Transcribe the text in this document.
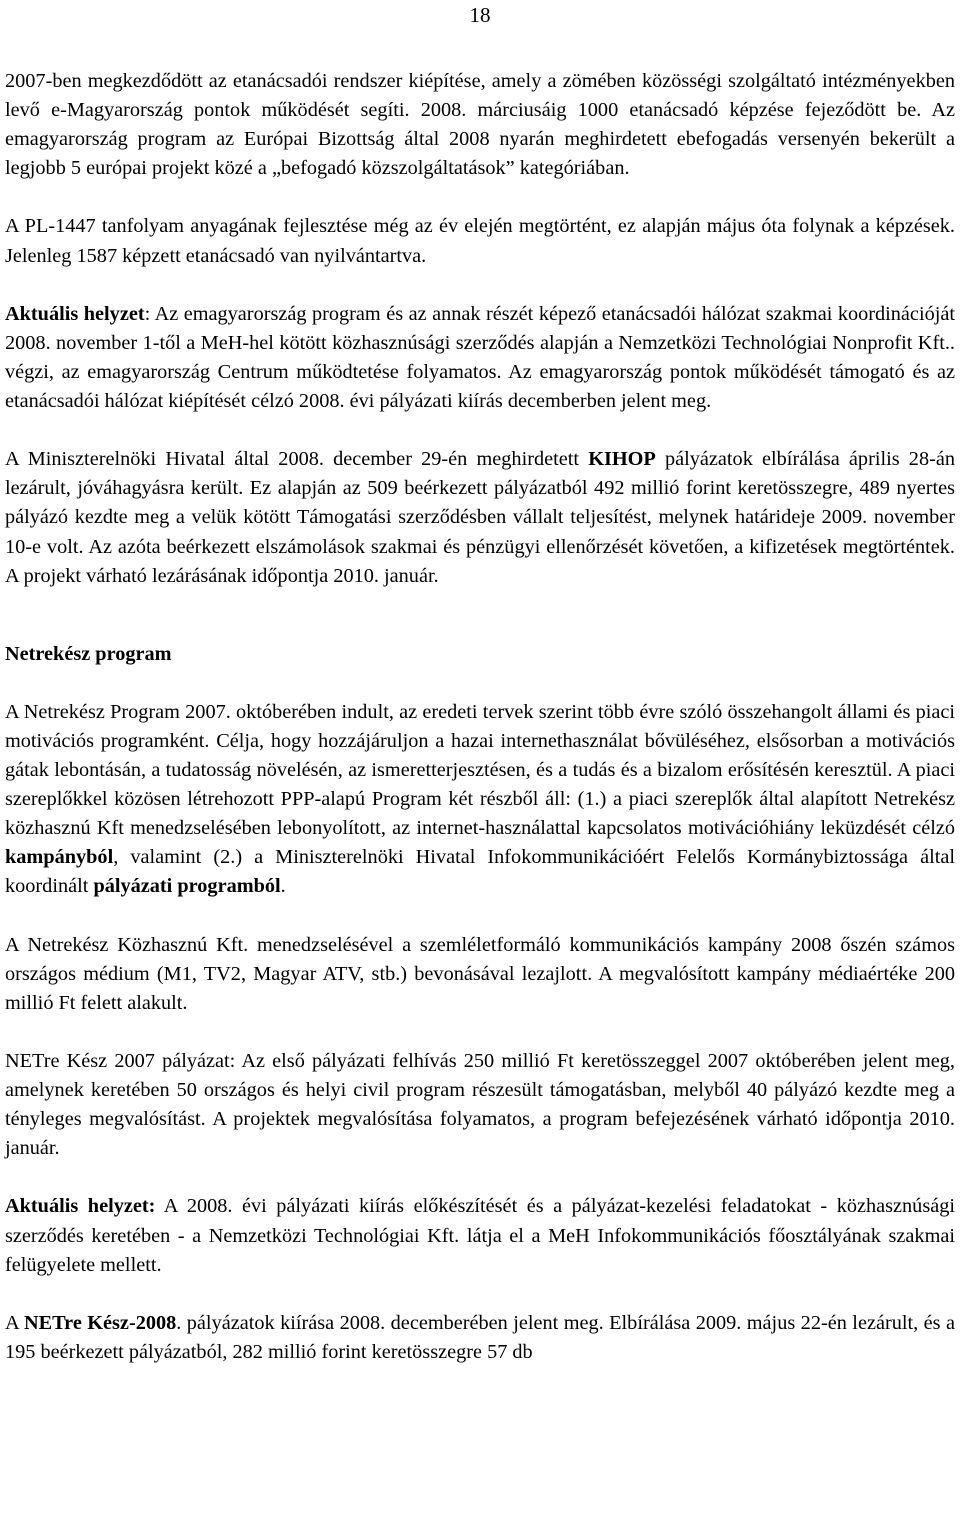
18

2007-ben megkezdődött az etanácsadói rendszer kiépítése, amely a zömében közösségi szolgáltató intézményekben levő e-Magyarország pontok működését segíti. 2008. márciusáig 1000 etanácsadó képzése fejeződött be. Az emagyarország program az Európai Bizottság által 2008 nyarán meghirdetett ebefogadás versenyén bekerült a legjobb 5 európai projekt közé a „befogadó közszolgáltatások” kategóriában.

A PL-1447 tanfolyam anyagának fejlesztése még az év elején megtörtént, ez alapján május óta folynak a képzések. Jelenleg 1587 képzett etanácsadó van nyilvántartva.

Aktuális helyzet: Az emagyarország program és az annak részét képező etanácsadói hálózat szakmai koordinációját 2008. november 1-től a MeH-hel kötött közhasznúsági szerződés alapján a Nemzetközi Technológiai Nonprofit Kft.. végzi, az emagyarország Centrum működtetése folyamatos. Az emagyarország pontok működését támogató és az etanácsadói hálózat kiépítését célzó 2008. évi pályázati kiírás decemberben jelent meg.

A Miniszterelnöki Hivatal által 2008. december 29-én meghirdetett KIHOP pályázatok elbírálása április 28-án lezárult, jóváhagyásra került. Ez alapján az 509 beérkezett pályázatból 492 millió forint keretösszegre, 489 nyertes pályázó kezdte meg a velük kötött Támogatási szerződésben vállalt teljesítést, melynek határideje 2009. november 10-e volt. Az azóta beérkezett elszámolások szakmai és pénzügyi ellenőrzését követően, a kifizetések megtörténtek. A projekt várható lezárásának időpontja 2010. január.

Netrekész program

A Netrekész Program 2007. októberében indult, az eredeti tervek szerint több évre szóló összehangolt állami és piaci motivációs programként. Célja, hogy hozzájáruljon a hazai internethasználat bővüléséhez, elsősorban a motivációs gátak lebontásán, a tudatosság növelésén, az ismeretterjesztésen, és a tudás és a bizalom erősítésén keresztül. A piaci szereplőkkel közösen létrehozott PPP-alapú Program két részből áll: (1.) a piaci szereplők által alapított Netrekész közhasznú Kft menedzselésében lebonyolított, az internet-használattal kapcsolatos motivációhiány leküzdését célzó kampányból, valamint (2.) a Miniszterelnöki Hivatal Infokommunikációért Felelős Kormánybiztossága által koordinált pályázati programból.

A Netrekész Közhasznú Kft. menedzselésével a szemléletformáló kommunikációs kampány 2008 őszén számos országos médium (M1, TV2, Magyar ATV, stb.) bevonásával lezajlott. A megvalósított kampány médiaértéke 200 millió Ft felett alakult.

NETre Kész 2007 pályázat: Az első pályázati felhívás 250 millió Ft keretösszeggel 2007 októberében jelent meg, amelynek keretében 50 országos és helyi civil program részesült támogatásban, melyből 40 pályázó kezdte meg a tényleges megvalósítást. A projektek megvalósítása folyamatos, a program befejezésének várható időpontja 2010. január.

Aktuális helyzet: A 2008. évi pályázati kiírás előkészítését és a pályázat-kezelési feladatokat - közhasznúsági szerződés keretében - a Nemzetközi Technológiai Kft. látja el a MeH Infokommunikációs főosztályának szakmai felügyelete mellett.

A NETre Kész-2008. pályázatok kiírása 2008. decemberében jelent meg. Elbírálása 2009. május 22-én lezárult, és a 195 beérkezett pályázatból, 282 millió forint keretösszegre 57 db
